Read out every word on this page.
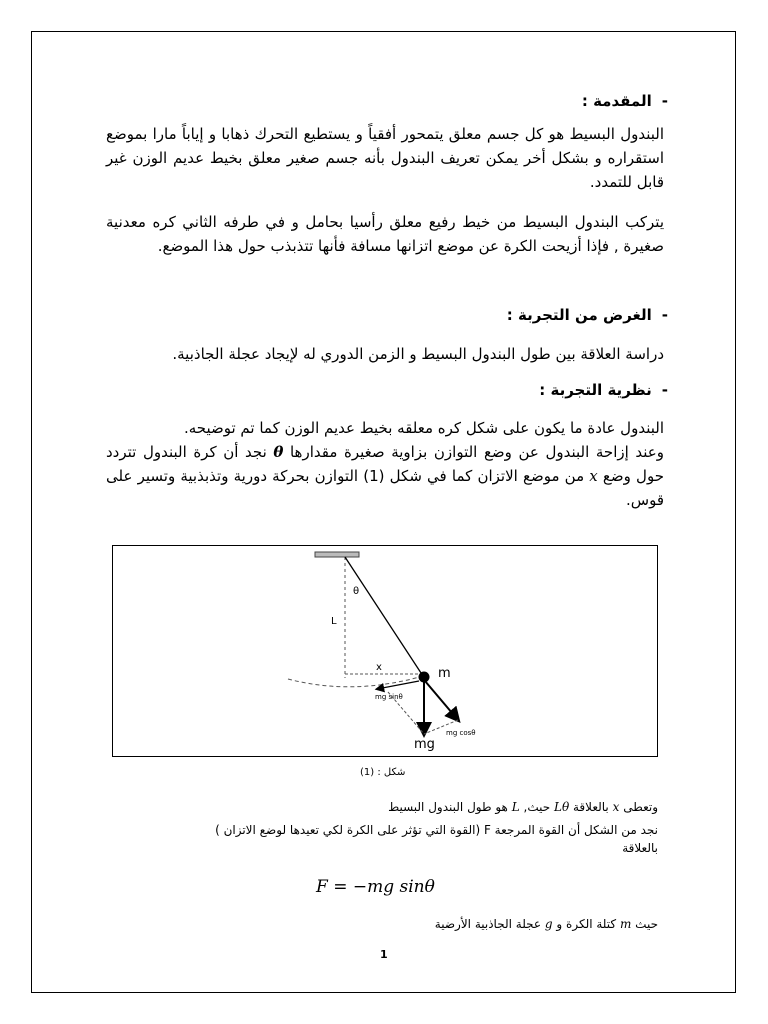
-المقدمة :
البندول البسيط هو كل جسم معلق يتمحور أفقياً و يستطيع التحرك ذهابا و إياباً مارا بموضع استقراره و بشكل أخر يمكن تعريف البندول بأنه جسم صغير معلق بخيط عديم الوزن غير قابل للتمدد.
يتركب البندول البسيط من خيط رفيع معلق رأسيا بحامل و في طرفه الثاني كره معدنية صغيرة , فإذا أزيحت الكرة عن موضع اتزانها مسافة فأنها تتذبذب حول هذا الموضع.
-الغرض من التجربة :
دراسة العلاقة بين طول البندول البسيط و الزمن الدوري له لإيجاد عجلة الجاذبية.
-نظرية التجربة :
البندول عادة ما يكون على شكل كره معلقه بخيط عديم الوزن كما تم توضيحه.
وعند إزاحة البندول عن وضع التوازن بزاوية صغيرة مقدارها θ نجد أن كرة البندول تتردد حول وضع x من موضع الاتزان كما في شكل (1) التوازن بحركة دورية وتذبذبية وتسير على قوس.
θ
L
x	m
mg sinθ
mg cosθ
mg
شكل : (1)
وتعطى x بالعلاقة Lθ حيث, L هو طول البندول البسيط
نجد من الشكل أن القوة المرجعة F (القوة التي تؤثر على الكرة لكي تعيدها لوضع الاتزان )
بالعلاقة
F = −mg sinθ
حيث m كتلة الكرة و g عجلة الجاذبية الأرضية
1
